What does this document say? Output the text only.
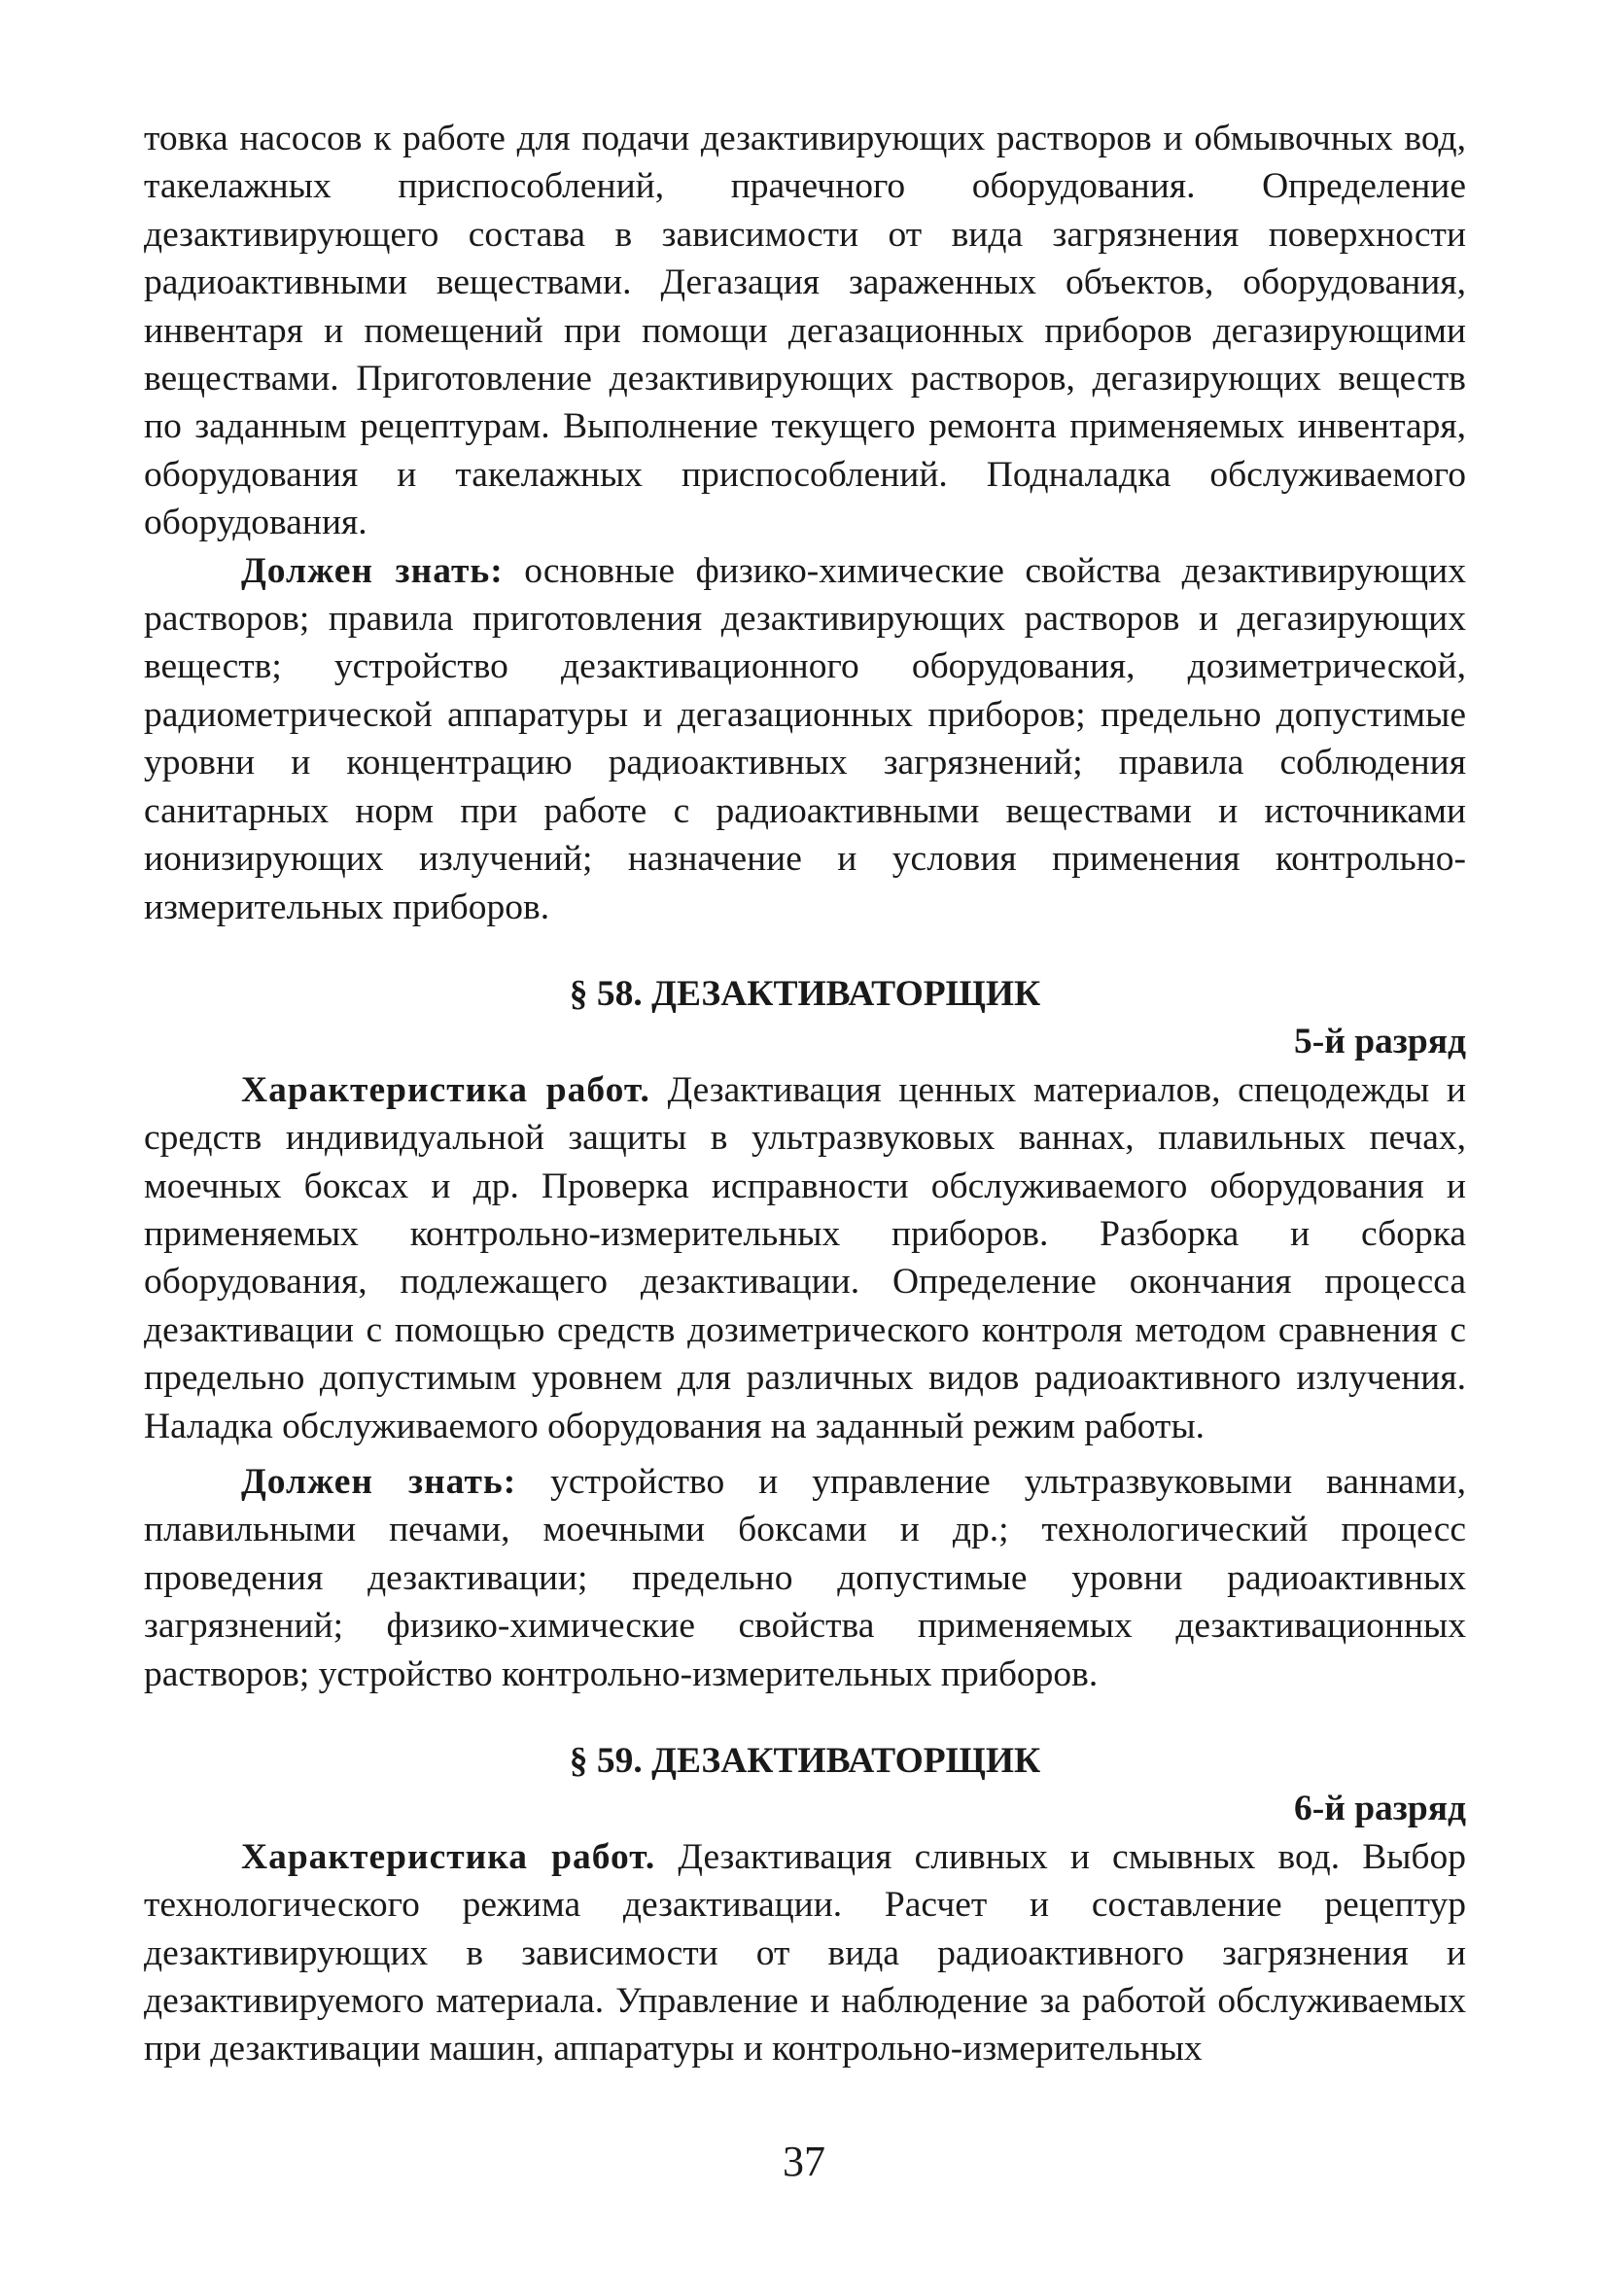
товка насосов к работе для подачи дезактивирующих растворов и обмывочных вод, такелажных приспособлений, прачечного оборудования. Определение дезактивирующего состава в зависимости от вида загрязнения поверхности радиоактивными веществами. Дегазация зараженных объектов, оборудования, инвентаря и помещений при помощи дегазационных приборов дегазирующими веществами. Приготовление дезактивирующих растворов, дегазирующих веществ по заданным рецептурам. Выполнение текущего ремонта применяемых инвентаря, оборудования и такелажных приспособлений. Подналадка обслуживаемого оборудования.

Должен знать: основные физико-химические свойства дезактивирующих растворов; правила приготовления дезактивирующих растворов и дегазирующих веществ; устройство дезактивационного оборудования, дозиметрической, радиометрической аппаратуры и дегазационных приборов; предельно допустимые уровни и концентрацию радиоактивных загрязнений; правила соблюдения санитарных норм при работе с радиоактивными веществами и источниками ионизирующих излучений; назначение и условия применения контрольно-измерительных приборов.

§ 58. ДЕЗАКТИВАТОРЩИК

5-й разряд

Характеристика работ. Дезактивация ценных материалов, спецодежды и средств индивидуальной защиты в ультразвуковых ваннах, плавильных печах, моечных боксах и др. Проверка исправности обслуживаемого оборудования и применяемых контрольно-измерительных приборов. Разборка и сборка оборудования, подлежащего дезактивации. Определение окончания процесса дезактивации с помощью средств дозиметрического контроля методом сравнения с предельно допустимым уровнем для различных видов радиоактивного излучения. Наладка обслуживаемого оборудования на заданный режим работы.

Должен знать: устройство и управление ультразвуковыми ваннами, плавильными печами, моечными боксами и др.; технологический процесс проведения дезактивации; предельно допустимые уровни радиоактивных загрязнений; физико-химические свойства применяемых дезактивационных растворов; устройство контрольно-измерительных приборов.

§ 59. ДЕЗАКТИВАТОРЩИК

6-й разряд

Характеристика работ. Дезактивация сливных и смывных вод. Выбор технологического режима дезактивации. Расчет и составление рецептур дезактивирующих в зависимости от вида радиоактивного загрязнения и дезактивируемого материала. Управление и наблюдение за работой обслуживаемых при дезактивации машин, аппаратуры и контрольно-измерительных

37
